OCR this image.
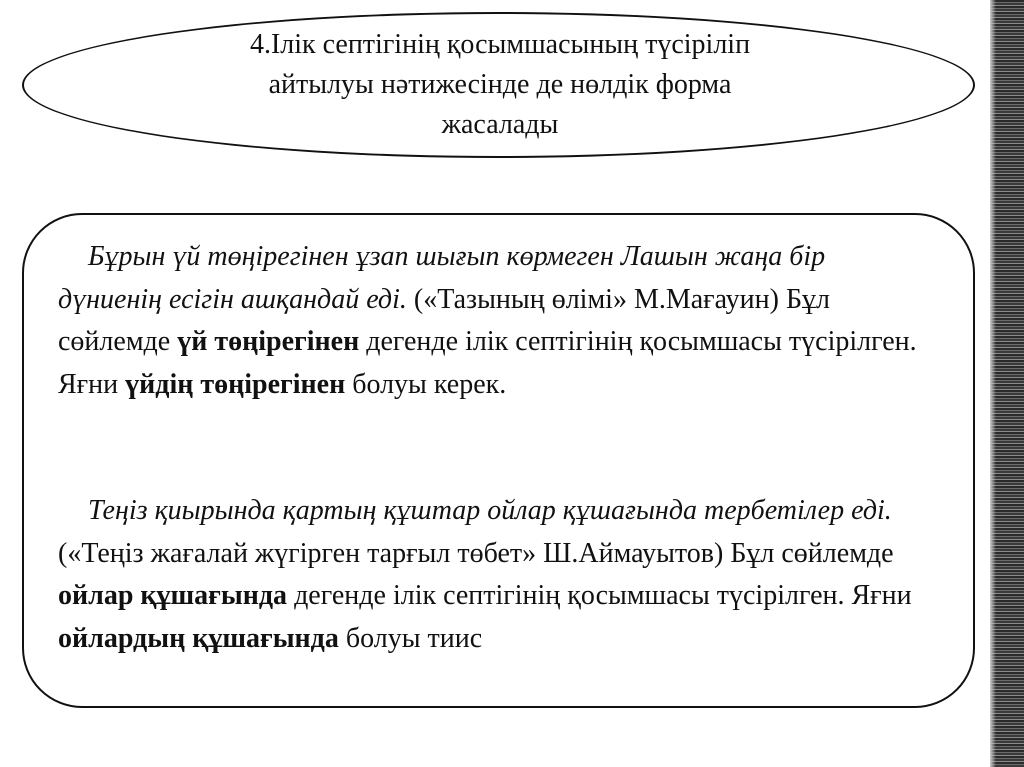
4.Ілік септігінің қосымшасының түсіріліп
айтылуы нәтижесінде де нөлдік форма
жасалады
Бұрын үй төңірегінен ұзап шығып көрмеген Лашын жаңа бір дүниенің есігін ашқандай еді. («Тазының өлімі» М.Мағауин) Бұл сөйлемде үй төңірегінен дегенде ілік септігінің қосымшасы түсірілген. Яғни үйдің төңірегінен болуы керек.
Теңіз қиырында қартың құштар ойлар құшағында тербетілер еді. («Теңіз жағалай жүгірген тарғыл төбет» Ш.Аймауытов) Бұл сөйлемде ойлар құшағында дегенде ілік септігінің қосымшасы түсірілген. Яғни ойлардың құшағында болуы тиис
